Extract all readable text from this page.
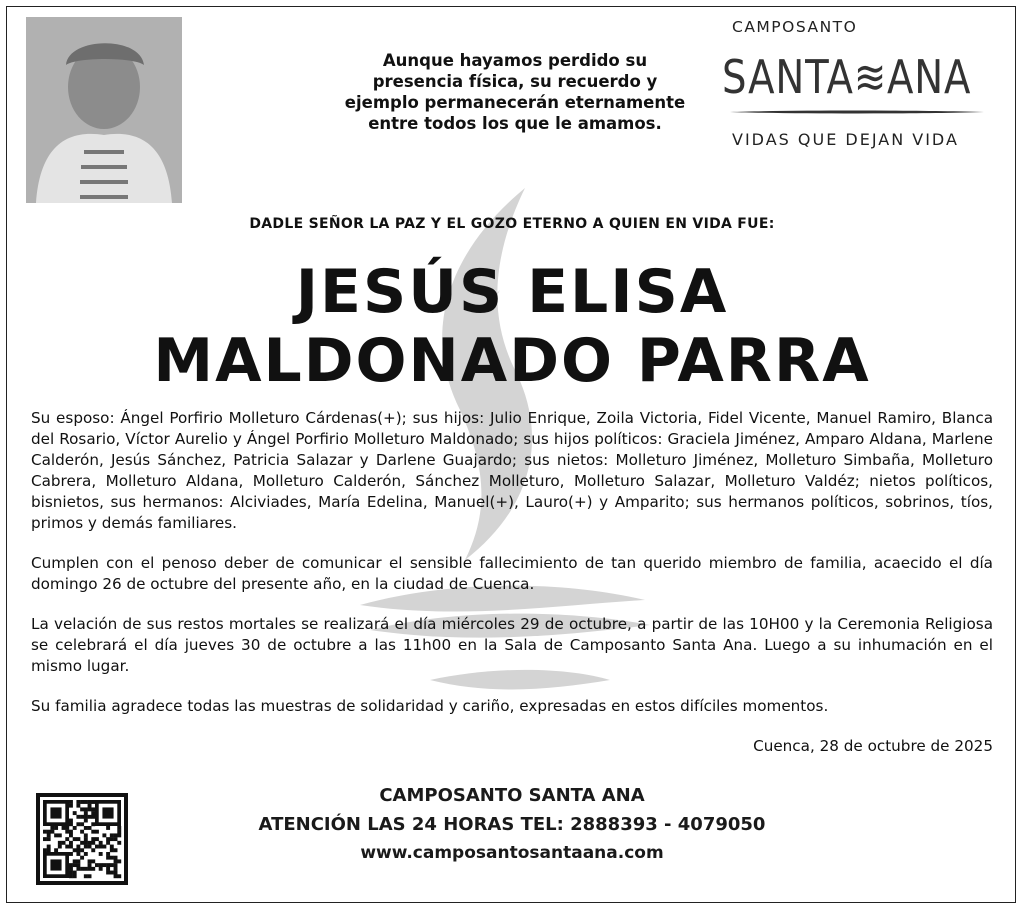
Aunque hayamos perdido su
presencia física, su recuerdo y
ejemplo permanecerán eternamente
entre todos los que le amamos.
CAMPOSANTO
SANTA≋ANA
VIDAS QUE DEJAN VIDA
DADLE SEÑOR LA PAZ Y EL GOZO ETERNO A QUIEN EN VIDA FUE:
JESÚS ELISA
MALDONADO PARRA
Su esposo: Ángel Porfirio Molleturo Cárdenas(+); sus hijos: Julio Enrique, Zoila Victoria, Fidel Vicente, Manuel Ramiro, Blanca del Rosario, Víctor Aurelio y Ángel Porfirio Molleturo Maldonado; sus hijos políticos: Graciela Jiménez, Amparo Aldana, Marlene Calderón, Jesús Sánchez, Patricia Salazar y Darlene Guajardo; sus nietos: Molleturo Jiménez, Molleturo Simbaña, Molleturo Cabrera, Molleturo Aldana, Molleturo Calderón, Sánchez Molleturo, Molleturo Salazar, Molleturo Valdéz; nietos políticos, bisnietos, sus hermanos: Alciviades, María Edelina, Manuel(+), Lauro(+) y Amparito; sus hermanos políticos, sobrinos, tíos, primos y demás familiares.
Cumplen con el penoso deber de comunicar el sensible fallecimiento de tan querido miembro de familia, acaecido el día domingo 26 de octubre del presente año, en la ciudad de Cuenca.
La velación de sus restos mortales se realizará el día miércoles 29 de octubre, a partir de las 10H00 y la Ceremonia Religiosa se celebrará el día jueves 30 de octubre a las 11h00 en la Sala de Camposanto Santa Ana. Luego a su inhumación en el mismo lugar.
Su familia agradece todas las muestras de solidaridad y cariño, expresadas en estos difíciles momentos.
Cuenca, 28 de octubre de 2025
CAMPOSANTO SANTA ANA
ATENCIÓN LAS 24 HORAS TEL: 2888393 - 4079050
www.camposantosantaana.com
